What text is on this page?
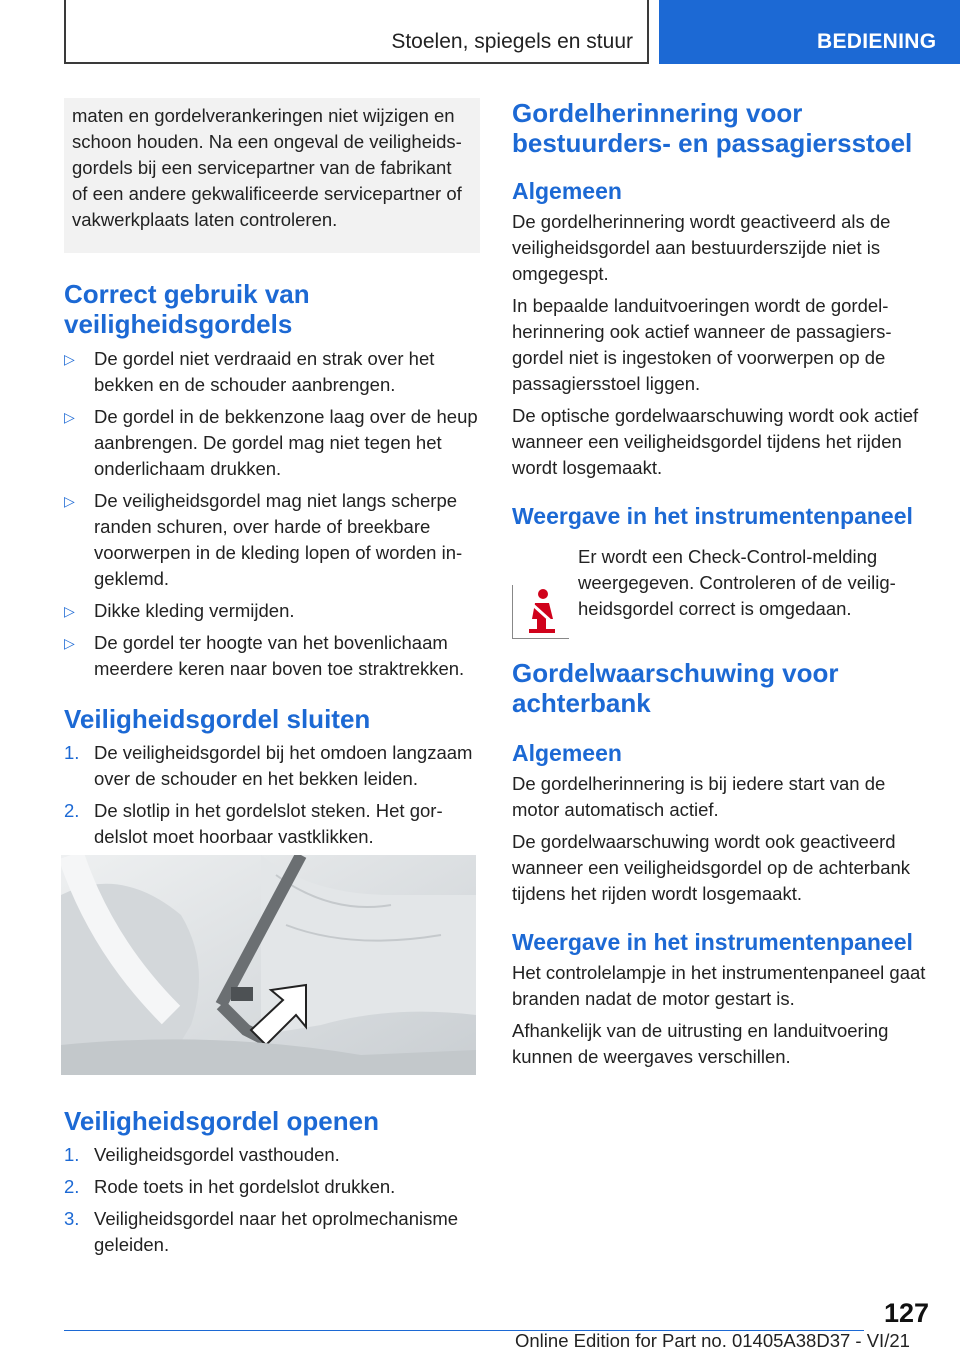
Stoelen, spiegels en stuur	BEDIENING
maten en gordelverankeringen niet wijzigen en schoon houden. Na een ongeval de veiligheidsgordels bij een servicepartner van de fabrikant of een andere gekwalificeerde servicepartner of vakwerkplaats laten controleren.
Correct gebruik van veiligheidsgordels
▷ De gordel niet verdraaid en strak over het bekken en de schouder aanbrengen.
▷ De gordel in de bekkenzone laag over de heup aanbrengen. De gordel mag niet tegen het onderlichaam drukken.
▷ De veiligheidsgordel mag niet langs scherpe randen schuren, over harde of breekbare voorwerpen in de kleding lopen of worden ingeklemd.
▷ Dikke kleding vermijden.
▷ De gordel ter hoogte van het bovenlichaam meerdere keren naar boven toe straktrekken.
Veiligheidsgordel sluiten
1. De veiligheidsgordel bij het omdoen langzaam over de schouder en het bekken leiden.
2. De slotlip in het gordelslot steken. Het gordelslot moet hoorbaar vastklikken.
Veiligheidsgordel openen
1. Veiligheidsgordel vasthouden.
2. Rode toets in het gordelslot drukken.
3. Veiligheidsgordel naar het oprolmechanisme geleiden.
Gordelherinnering voor bestuurders- en passagiersstoel
Algemeen

De gordelherinnering wordt geactiveerd als de veiligheidsgordel aan bestuurderszijde niet is omgegespt.

In bepaalde landuitvoeringen wordt de gordelherinnering ook actief wanneer de passagiersgordel niet is ingestoken of voorwerpen op de passagiersstoel liggen.

De optische gordelwaarschuwing wordt ook actief wanneer een veiligheidsgordel tijdens het rijden wordt losgemaakt.

Weergave in het instrumentenpaneel

Er wordt een Check-Control-melding weergegeven. Controleren of de veiligheidsgordel correct is omgedaan.

Gordelwaarschuwing voor achterbank
Algemeen

De gordelherinnering is bij iedere start van de motor automatisch actief.

De gordelwaarschuwing wordt ook geactiveerd wanneer een veiligheidsgordel op de achterbank tijdens het rijden wordt losgemaakt.

Weergave in het instrumentenpaneel

Het controlelampje in het instrumentenpaneel gaat branden nadat de motor gestart is.

Afhankelijk van de uitrusting en landuitvoering kunnen de weergaves verschillen.

127
Online Edition for Part no. 01405A38D37 - VI/21
